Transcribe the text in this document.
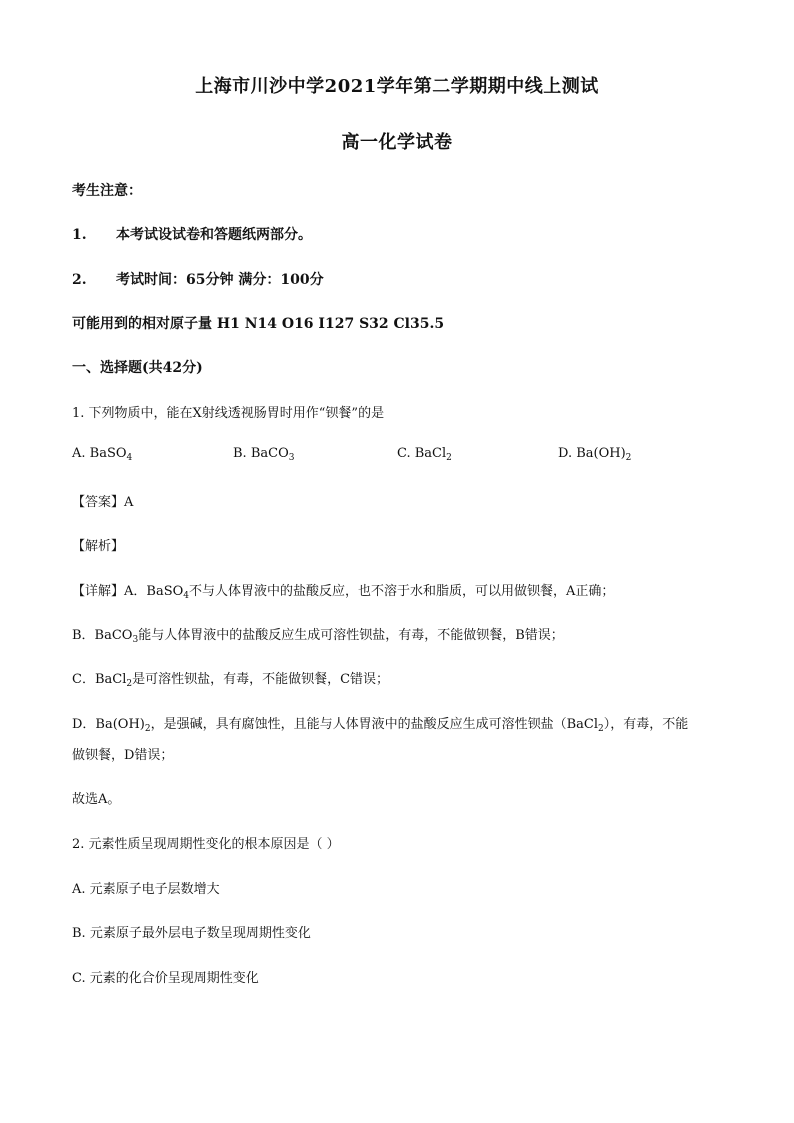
上海市川沙中学2021学年第二学期期中线上测试
高一化学试卷
考生注意：
1. 本考试设试卷和答题纸两部分。
2. 考试时间：65分钟 满分：100分
可能用到的相对原子量 H1 N14 O16 I127 S32 Cl35.5
一、选择题(共42分)
1. 下列物质中，能在X射线透视肠胃时用作“钡餐”的是
A. BaSO$_4$	B. BaCO$_3$	C. BaCl$_2$	D. $Ba(OH)_2$
【答案】A
【解析】
【详解】A．BaSO$_4$不与人体胃液中的盐酸反应，也不溶于水和脂质，可以用做钡餐，A正确；
B．BaCO$_3$能与人体胃液中的盐酸反应生成可溶性钡盐，有毒，不能做钡餐，B错误；
C．BaCl$_2$是可溶性钡盐，有毒，不能做钡餐，C错误；
D．$Ba(OH)_2$，是强碱，具有腐蚀性，且能与人体胃液中的盐酸反应生成可溶性钡盐（BaCl$_2$），有毒，不能
做钡餐，D错误；
故选A。
2. 元素性质呈现周期性变化的根本原因是（ ）
A. 元素原子电子层数增大
B. 元素原子最外层电子数呈现周期性变化
C. 元素的化合价呈现周期性变化
